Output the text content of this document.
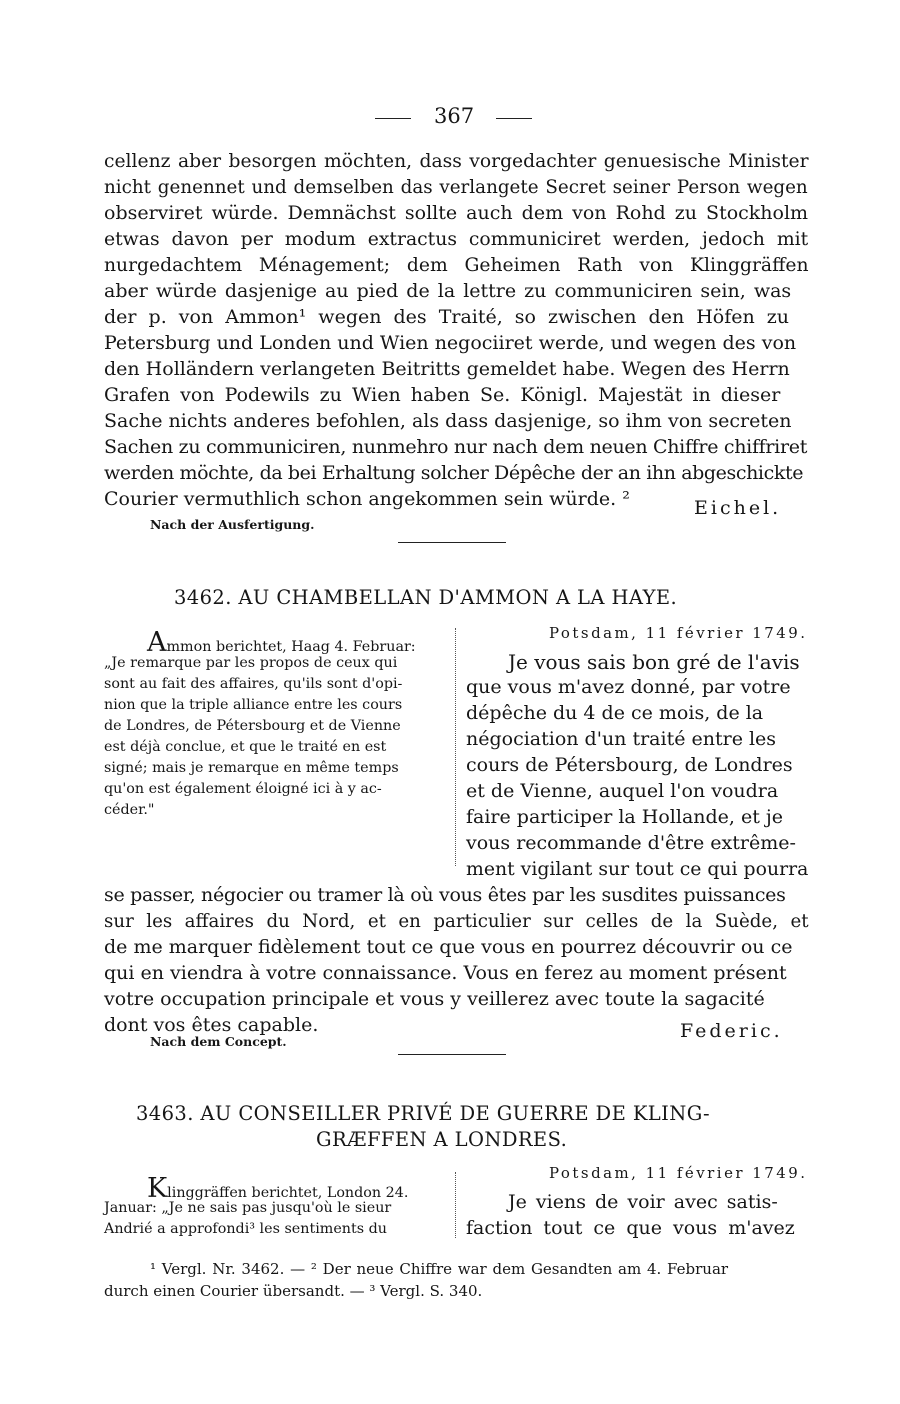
367
cellenz aber besorgen möchten, dass vorgedachter genuesische Minister
nicht genennet und demselben das verlangete Secret seiner Person wegen
observiret würde. Demnächst sollte auch dem von Rohd zu Stockholm
etwas davon per modum extractus communiciret werden, jedoch mit
nurgedachtem Ménagement; dem Geheimen Rath von Klinggräffen
aber würde dasjenige au pied de la lettre zu communiciren sein, was
der p. von Ammon¹ wegen des Traité, so zwischen den Höfen zu
Petersburg und Londen und Wien negociiret werde, und wegen des von
den Holländern verlangeten Beitritts gemeldet habe. Wegen des Herrn
Grafen von Podewils zu Wien haben Se. Königl. Majestät in dieser
Sache nichts anderes befohlen, als dass dasjenige, so ihm von secreten
Sachen zu communiciren, nunmehro nur nach dem neuen Chiffre chiffriret
werden möchte, da bei Erhaltung solcher Dépêche der an ihn abgeschickte
Courier vermuthlich schon angekommen sein würde. ²	Eichel.
Nach der Ausfertigung.
3462. AU CHAMBELLAN D'AMMON A LA HAYE.
Ammon berichtet, Haag 4. Februar:
„Je remarque par les propos de ceux qui
sont au fait des affaires, qu'ils sont d'opi-
nion que la triple alliance entre les cours
de Londres, de Pétersbourg et de Vienne
est déjà conclue, et que le traité en est
signé; mais je remarque en même temps
qu'on est également éloigné ici à y ac-
céder."
Potsdam, 11 février 1749.
Je vous sais bon gré de l'avis
que vous m'avez donné, par votre
dépêche du 4 de ce mois, de la
négociation d'un traité entre les
cours de Pétersbourg, de Londres
et de Vienne, auquel l'on voudra
faire participer la Hollande, et je
vous recommande d'être extrême-
ment vigilant sur tout ce qui pourra
se passer, négocier ou tramer là où vous êtes par les susdites puissances
sur les affaires du Nord, et en particulier sur celles de la Suède, et
de me marquer fidèlement tout ce que vous en pourrez découvrir ou ce
qui en viendra à votre connaissance. Vous en ferez au moment présent
votre occupation principale et vous y veillerez avec toute la sagacité
dont vos êtes capable.	Federic.
Nach dem Concept.
3463. AU CONSEILLER PRIVÉ DE GUERRE DE KLING-
GRÆFFEN A LONDRES.
Klinggräffen berichtet, London 24.
Januar: „Je ne sais pas jusqu'où le sieur
Andrié a approfondi³ les sentiments du
Potsdam, 11 février 1749.
Je viens de voir avec satis-
faction tout ce que vous m'avez
¹ Vergl. Nr. 3462. — ² Der neue Chiffre war dem Gesandten am 4. Februar
durch einen Courier übersandt. — ³ Vergl. S. 340.
